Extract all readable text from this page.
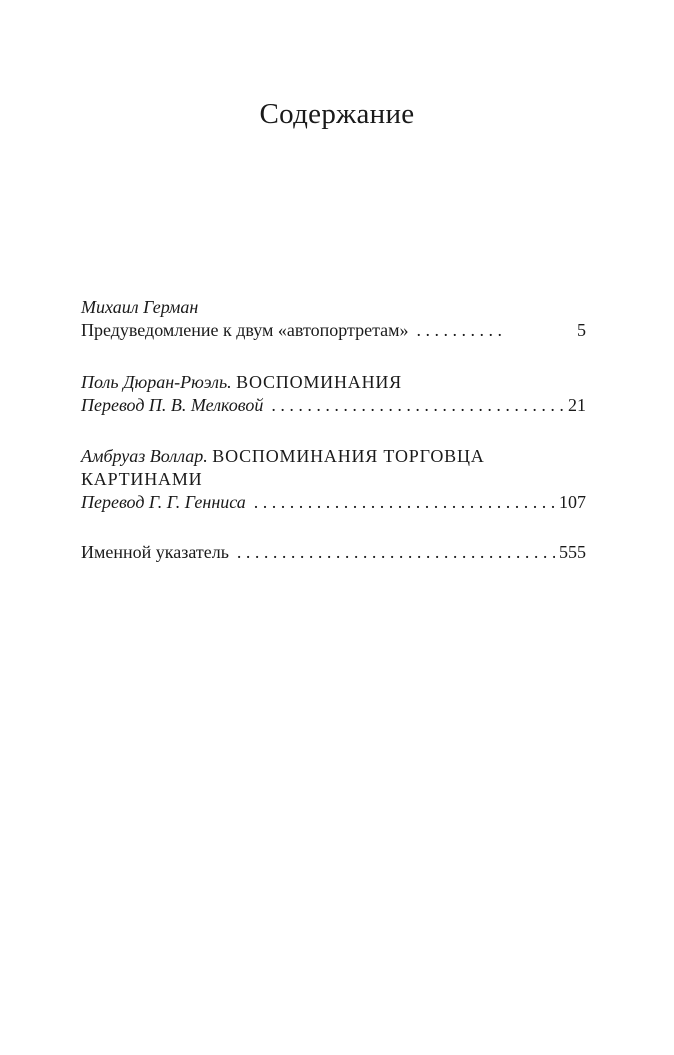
Содержание
Михаил Герман
Предуведомление к двум «автопортретам» . . .	5
Поль Дюран-Рюэль. ВОСПОМИНАНИЯ
Перевод П. В. Мелковой . . .	21
Амбруаз Воллар. ВОСПОМИНАНИЯ ТОРГОВЦА
КАРТИНАМИ
Перевод Г. Г. Генниса . . .	107
Именной указатель . . .	555
